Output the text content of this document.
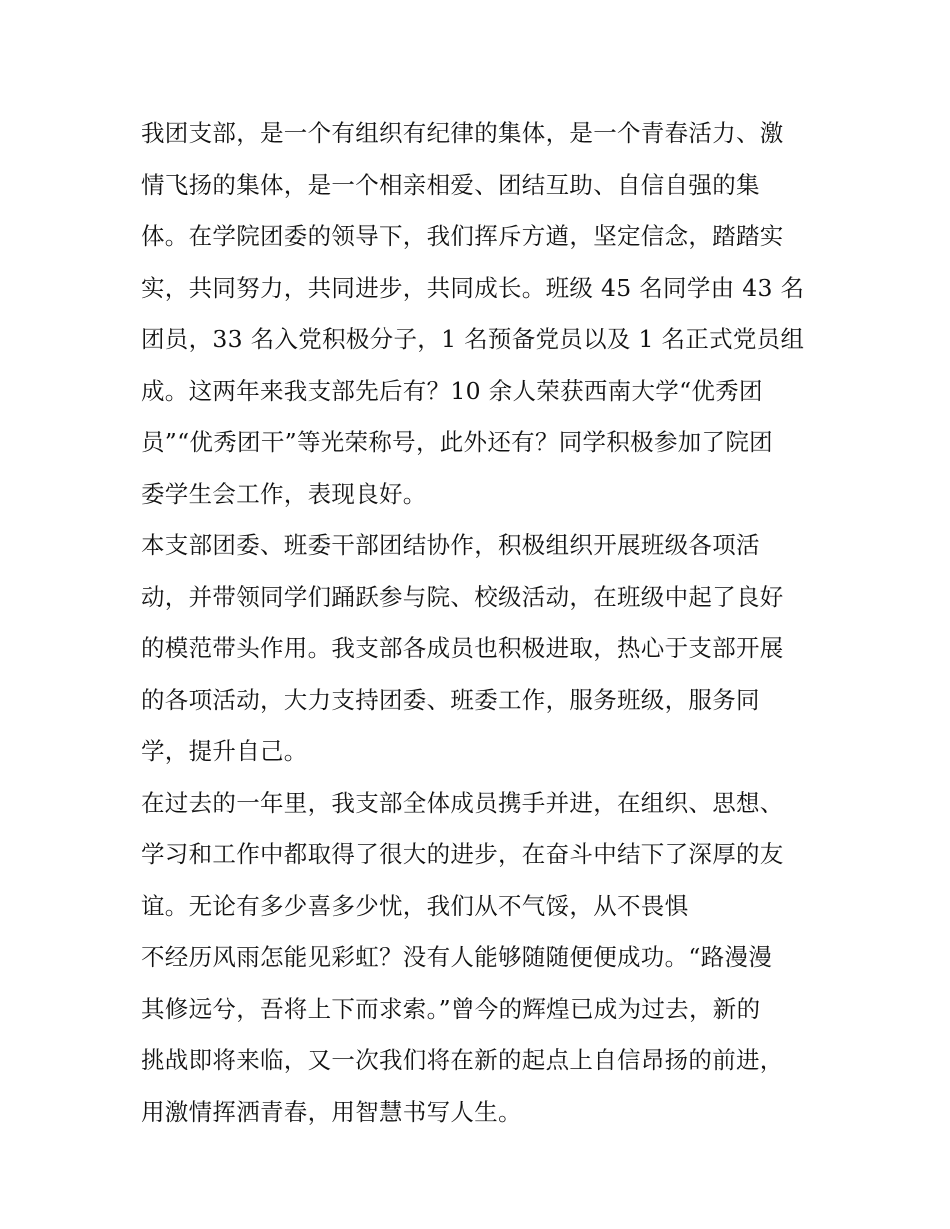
我团支部，是一个有组织有纪律的集体，是一个青春活力、激
情飞扬的集体，是一个相亲相爱、团结互助、自信自强的集
体。在学院团委的领导下，我们挥斥方遒，坚定信念，踏踏实
实，共同努力，共同进步，共同成长。班级 45 名同学由 43 名
团员，33 名入党积极分子，1 名预备党员以及 1 名正式党员组
成。这两年来我支部先后有？10 余人荣获西南大学“优秀团
员”“优秀团干”等光荣称号，此外还有？同学积极参加了院团
委学生会工作，表现良好。
本支部团委、班委干部团结协作，积极组织开展班级各项活
动，并带领同学们踊跃参与院、校级活动，在班级中起了良好
的模范带头作用。我支部各成员也积极进取，热心于支部开展
的各项活动，大力支持团委、班委工作，服务班级，服务同
学，提升自己。
在过去的一年里，我支部全体成员携手并进，在组织、思想、
学习和工作中都取得了很大的进步，在奋斗中结下了深厚的友
谊。无论有多少喜多少忧，我们从不气馁，从不畏惧
不经历风雨怎能见彩虹？没有人能够随随便便成功。“路漫漫
其修远兮，吾将上下而求索。”曾今的辉煌已成为过去，新的
挑战即将来临，又一次我们将在新的起点上自信昂扬的前进，
用激情挥洒青春，用智慧书写人生。
